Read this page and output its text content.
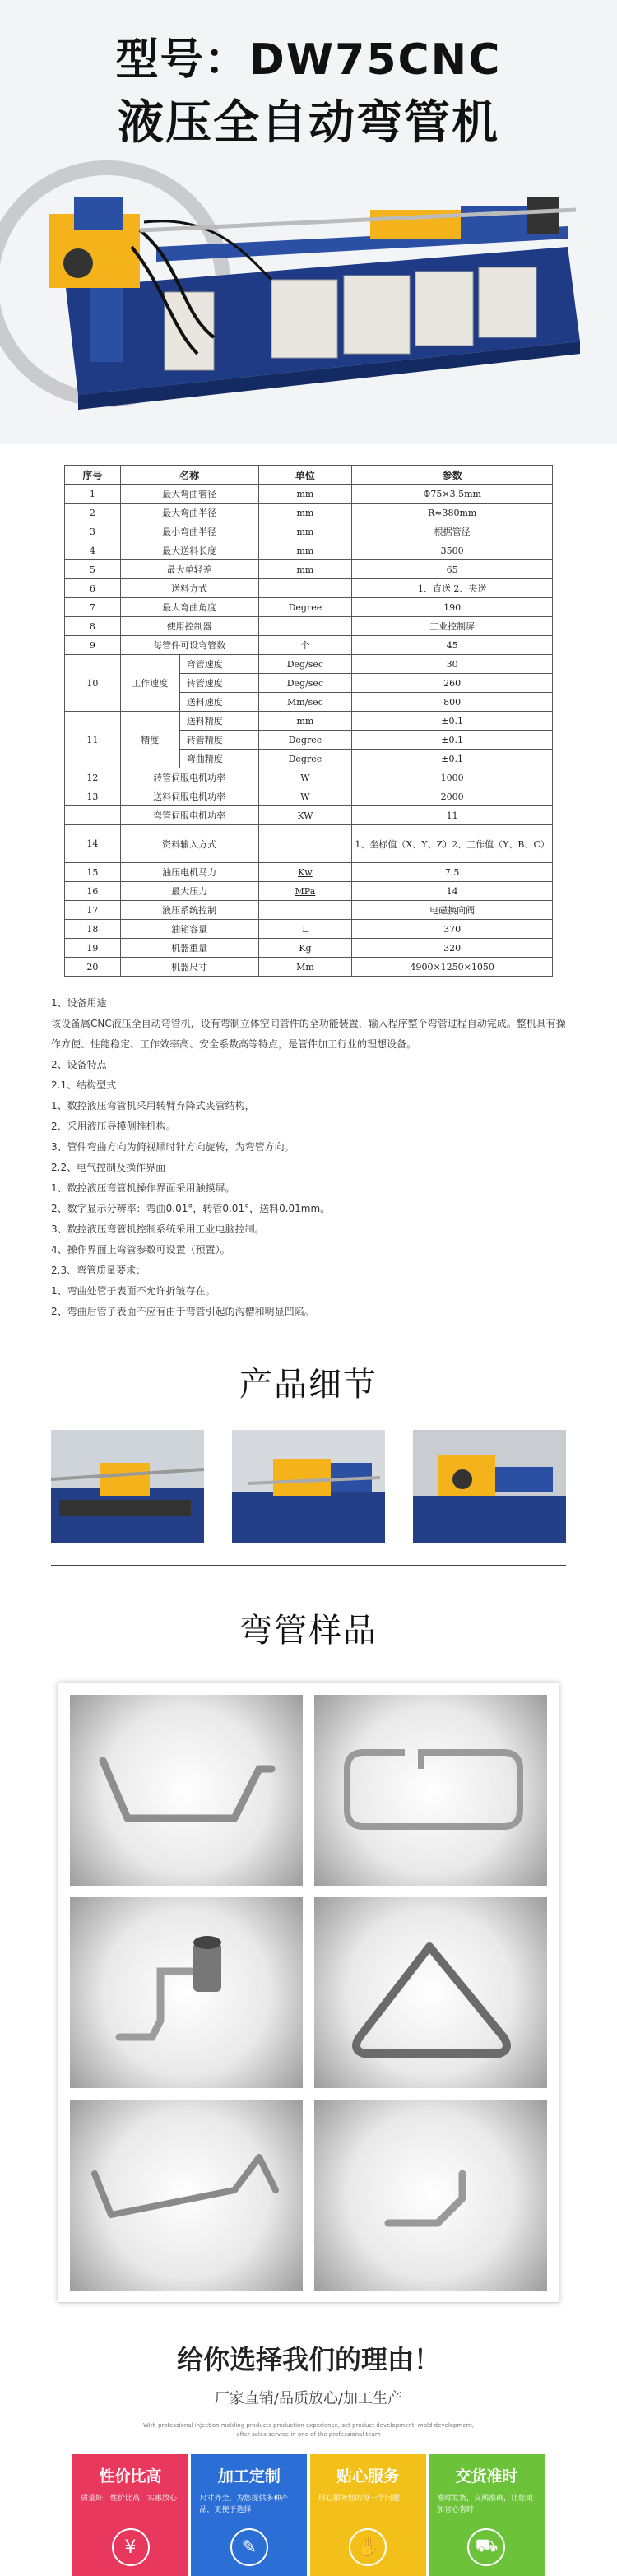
型号：DW75CNC
液压全自动弯管机
序号	名称		单位	参数
1	最大弯曲管径		mm	Φ75×3.5mm
2	最大弯曲半径		mm	R≈380mm
3	最小弯曲半径		mm	根据管径
4	最大送料长度		mm	3500
5	最大单轻差		mm	65
6	送料方式			1、直送 2、夹送
7	最大弯曲角度		Degree	190
8	使用控制器			工业控制屏
9	每管件可设弯管数		个	45
10	工作速度	弯管速度	Deg/sec	30
		转管速度	Deg/sec	260
		送料速度	Mm/sec	800
11	精度	送料精度	mm	±0.1
		转管精度	Degree	±0.1
		弯曲精度	Degree	±0.1
12	转管伺服电机功率		W	1000
13	送料伺服电机功率		W	2000
	弯管伺服电机功率		KW	11
14	资料输入方式			1、坐标值（X、Y、Z）2、工作值（Y、B、C）
15	油压电机马力		Kw	7.5
16	最大压力		MPa	14
17	液压系统控制			电磁换向阀
18	油箱容量		L	370
19	机器重量		Kg	320
20	机器尺寸		Mm	4900×1250×1050

1、设备用途

该设备属CNC液压全自动弯管机，设有弯制立体空间管件的全功能装置，输入程序整个弯管过程自动完成。整机具有操作方便、性能稳定、工作效率高、安全系数高等特点，是管件加工行业的理想设备。

2、设备特点

2.1、结构型式

1、数控液压弯管机采用转臂弃降式夹管结构，

2、采用液压导模侧推机构。

3、管件弯曲方向为俯视顺时针方向旋转，为弯管方向。

2.2、电气控制及操作界面

1、数控液压弯管机操作界面采用触摸屏。

2、数字显示分辨率：弯曲0.01°，转管0.01°，送料0.01mm。

3、数控液压弯管机控制系统采用工业电脑控制。

4、操作界面上弯管参数可设置（预置）。

2.3、弯管质量要求：

1、弯曲处管子表面不允许折皱存在。

2、弯曲后管子表面不应有由于弯管引起的沟槽和明显凹陷。

产品细节
弯管样品
给你选择我们的理由！
厂家直销/品质放心/加工生产
With professional injection molding products production experience, set product development, mold development, after-sales service in one of the professional team
性价比高
质量好，性价比高，实惠放心
¥
加工定制
尺寸齐全，为您提供多种产品，更便于选择
✎
贴心服务
用心服务您的每一个问题
✋
交货准时
准时发货，交期准确，让您更加省心省时
⛟
